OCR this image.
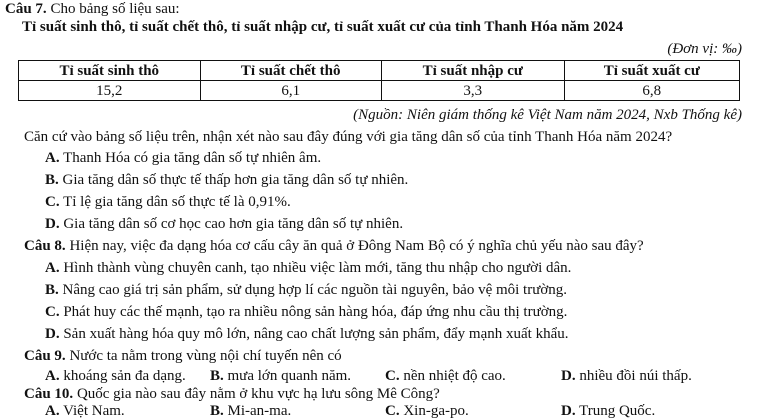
Câu 7. Cho bảng số liệu sau:
Tỉ suất sinh thô, tỉ suất chết thô, tỉ suất nhập cư, tỉ suất xuất cư của tỉnh Thanh Hóa năm 2024
(Đơn vị: ‰)
Tỉ suất sinh thô	Tỉ suất chết thô	Tỉ suất nhập cư	Tỉ suất xuất cư
15,2	6,1	3,3	6,8
(Nguồn: Niên giám thống kê Việt Nam năm 2024, Nxb Thống kê)
Căn cứ vào bảng số liệu trên, nhận xét nào sau đây đúng với gia tăng dân số của tỉnh Thanh Hóa năm 2024?
A. Thanh Hóa có gia tăng dân số tự nhiên âm.
B. Gia tăng dân số thực tế thấp hơn gia tăng dân số tự nhiên.
C. Tỉ lệ gia tăng dân số thực tế là 0,91%.
D. Gia tăng dân số cơ học cao hơn gia tăng dân số tự nhiên.
Câu 8. Hiện nay, việc đa dạng hóa cơ cấu cây ăn quả ở Đông Nam Bộ có ý nghĩa chủ yếu nào sau đây?
A. Hình thành vùng chuyên canh, tạo nhiều việc làm mới, tăng thu nhập cho người dân.
B. Nâng cao giá trị sản phẩm, sử dụng hợp lí các nguồn tài nguyên, bảo vệ môi trường.
C. Phát huy các thế mạnh, tạo ra nhiều nông sản hàng hóa, đáp ứng nhu cầu thị trường.
D. Sản xuất hàng hóa quy mô lớn, nâng cao chất lượng sản phẩm, đẩy mạnh xuất khẩu.
Câu 9. Nước ta nằm trong vùng nội chí tuyến nên có
A. khoáng sản đa dạng. B. mưa lớn quanh năm. C. nền nhiệt độ cao.	D. nhiều đồi núi thấp.
Câu 10. Quốc gia nào sau đây nằm ở khu vực hạ lưu sông Mê Công?
A. Việt Nam.	B. Mi-an-ma.	C. Xin-ga-po.	D. Trung Quốc.
